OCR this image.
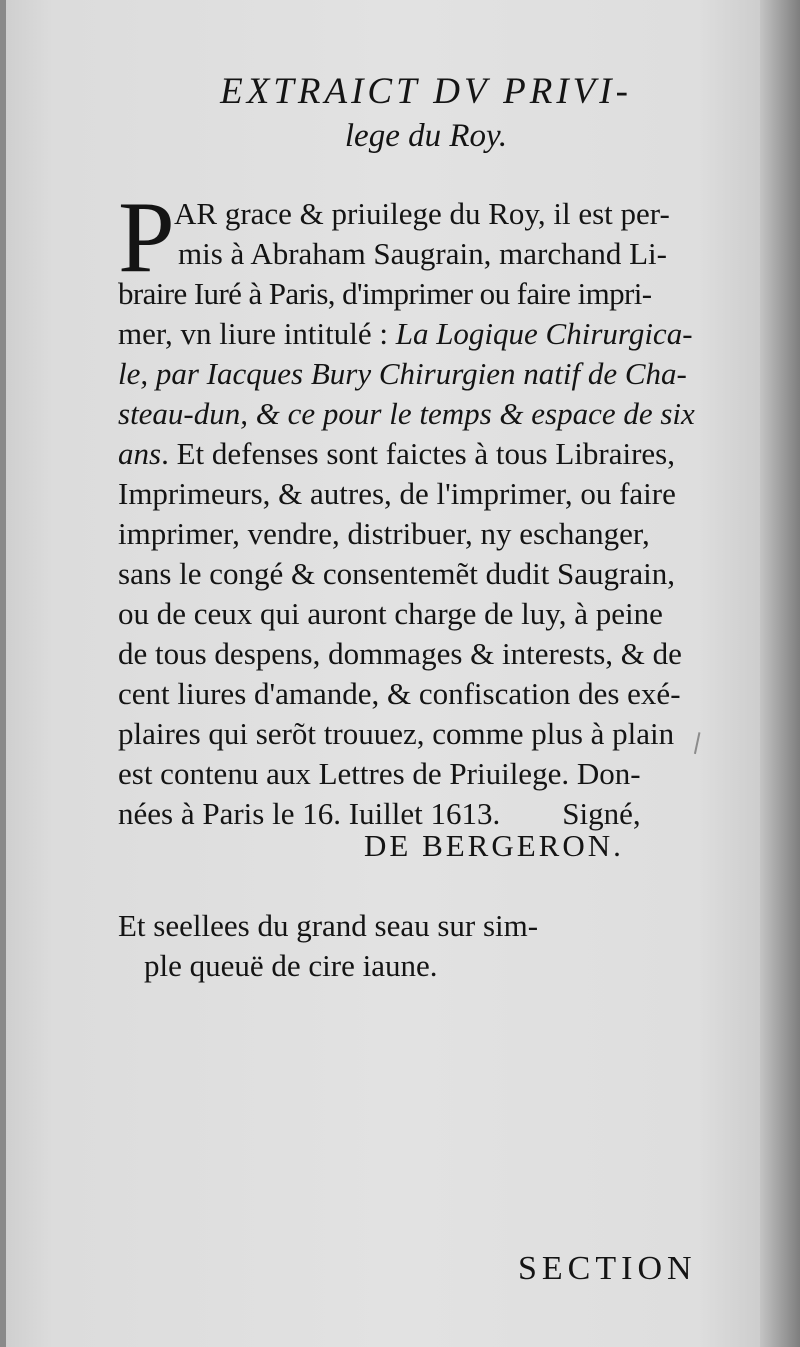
EXTRAICT DV PRIVI-
lege du Roy.
P AR grace & priuilege du Roy, il est per-
mis à Abraham Saugrain, marchand Li-
braire Iuré à Paris, d'imprimer ou faire impri-
mer, vn liure intitulé : La Logique Chirurgica-
le, par Iacques Bury Chirurgien natif de Cha-
steau-dun, & ce pour le temps & espace de six
ans. Et defenses sont faictes à tous Libraires,
Imprimeurs, & autres, de l'imprimer, ou faire
imprimer, vendre, distribuer, ny eschanger,
sans le congé & consentemẽt dudit Saugrain,
ou de ceux qui auront charge de luy, à peine
de tous despens, dommages & interests, & de
cent liures d'amande, & confiscation des exé-
plaires qui serõt trouuez, comme plus à plain
est contenu aux Lettres de Priuilege. Don-
nées à Paris le 16. Iuillet 1613. Signé,
DE BERGERON.
Et seellees du grand seau sur sim-
ple queuë de cire iaune.
SECTION
